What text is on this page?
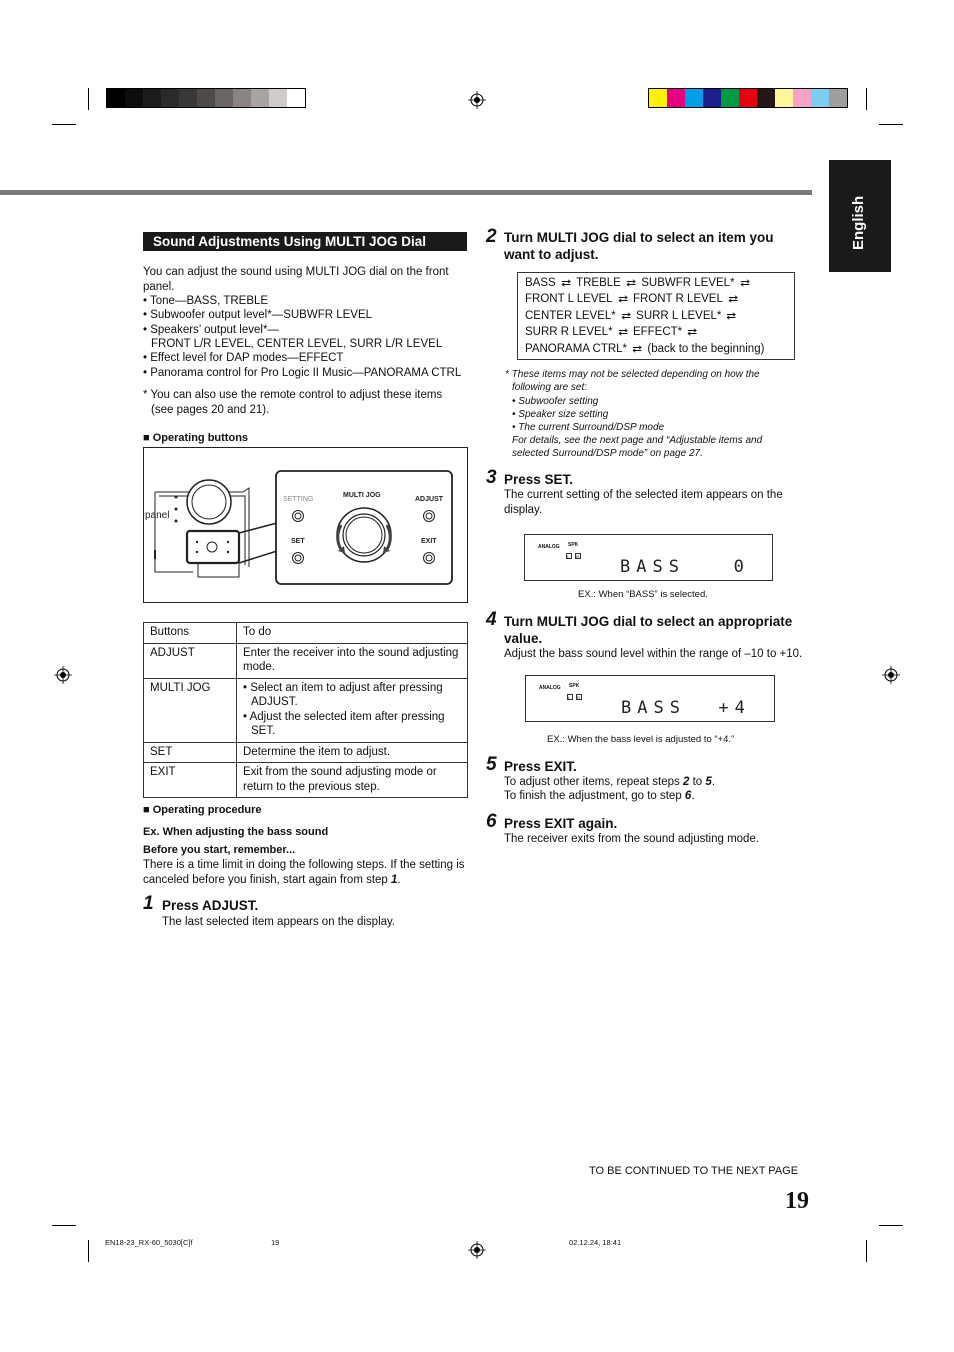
English
Sound Adjustments Using MULTI JOG Dial

You can adjust the sound using MULTI JOG dial on the front panel.

• Tone—BASS, TREBLE

• Subwoofer output level*—SUBWFR LEVEL

• Speakers’ output level*—

FRONT L/R LEVEL, CENTER LEVEL, SURR L/R LEVEL

• Effect level for DAP modes—EFFECT

• Panorama control for Pro Logic II Music—PANORAMA CTRL

* You can also use the remote control to adjust these items (see pages 20 and 21).

■ Operating buttons

panel
SETTING
MULTI JOG
ADJUST
SET	EXIT
Buttons	To do
ADJUST	Enter the receiver into the sound adjusting mode.
MULTI JOG	• Select an item to adjust after pressing ADJUST.
• Adjust the selected item after pressing SET.

SET	Determine the item to adjust.
EXIT	Exit from the sound adjusting mode or return to the previous step.

■ Operating procedure

Ex. When adjusting the bass sound

Before you start, remember...

There is a time limit in doing the following steps. If the setting is canceled before you finish, start again from step 1.

1 Press ADJUST.
The last selected item appears on the display.
2 Turn MULTI JOG dial to select an item you want to adjust.
BASS ⇄ TREBLE ⇄ SUBWFR LEVEL* ⇄
FRONT L LEVEL ⇄ FRONT R LEVEL ⇄
CENTER LEVEL* ⇄ SURR L LEVEL* ⇄
SURR R LEVEL* ⇄ EFFECT* ⇄
PANORAMA CTRL* ⇄ (back to the beginning)
* These items may not be selected depending on how the following are set:
• Subwoofer setting
• Speaker size setting
• The current Surround/DSP mode
For details, see the next page and “Adjustable items and selected Surround/DSP mode” on page 27.
3 Press SET.
The current setting of the selected item appears on the display.
ANALOG SPK
L R
BASS   0
EX.: When “BASS” is selected.
4 Turn MULTI JOG dial to select an appropriate value.
Adjust the bass sound level within the range of –10 to +10.
ANALOG SPK
L R
BASS  +4
EX.: When the bass level is adjusted to “+4.”
5 Press EXIT.

To adjust other items, repeat steps 2 to 5.

To finish the adjustment, go to step 6.

6 Press EXIT again.
The receiver exits from the sound adjusting mode.
TO BE CONTINUED TO THE NEXT PAGE
19
EN18-23_RX-60_5030[C]f	19	02.12.24, 18:41
